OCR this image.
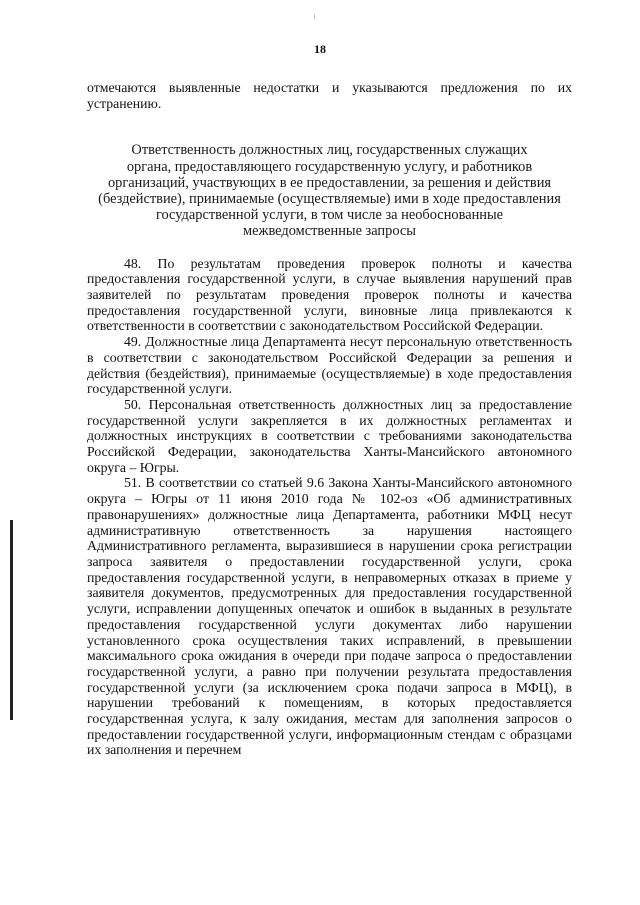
18

отмечаются выявленные недостатки и указываются предложения по их устранению.

Ответственность должностных лиц, государственных служащих
органа, предоставляющего государственную услугу, и работников
организаций, участвующих в ее предоставлении, за решения и действия
(бездействие), принимаемые (осуществляемые) ими в ходе предоставления
государственной услуги, в том числе за необоснованные
межведомственные запросы

48. По результатам проведения проверок полноты и качества предоставления государственной услуги, в случае выявления нарушений прав заявителей по результатам проведения проверок полноты и качества предоставления государственной услуги, виновные лица привлекаются к ответственности в соответствии с законодательством Российской Федерации.

49. Должностные лица Департамента несут персональную ответственность в соответствии с законодательством Российской Федерации за решения и действия (бездействия), принимаемые (осуществляемые) в ходе предоставления государственной услуги.

50. Персональная ответственность должностных лиц за предоставление государственной услуги закрепляется в их должностных регламентах и должностных инструкциях в соответствии с требованиями законодательства Российской Федерации, законодательства Ханты-Мансийского автономного округа – Югры.

51. В соответствии со статьей 9.6 Закона Ханты-Мансийского автономного округа – Югры от 11 июня 2010 года № 102-оз «Об административных правонарушениях» должностные лица Департамента, работники МФЦ несут административную ответственность за нарушения настоящего Административного регламента, выразившиеся в нарушении срока регистрации запроса заявителя о предоставлении государственной услуги, срока предоставления государственной услуги, в неправомерных отказах в приеме у заявителя документов, предусмотренных для предоставления государственной услуги, исправлении допущенных опечаток и ошибок в выданных в результате предоставления государственной услуги документах либо нарушении установленного срока осуществления таких исправлений, в превышении максимального срока ожидания в очереди при подаче запроса о предоставлении государственной услуги, а равно при получении результата предоставления государственной услуги (за исключением срока подачи запроса в МФЦ), в нарушении требований к помещениям, в которых предоставляется государственная услуга, к залу ожидания, местам для заполнения запросов о предоставлении государственной услуги, информационным стендам с образцами их заполнения и перечнем
